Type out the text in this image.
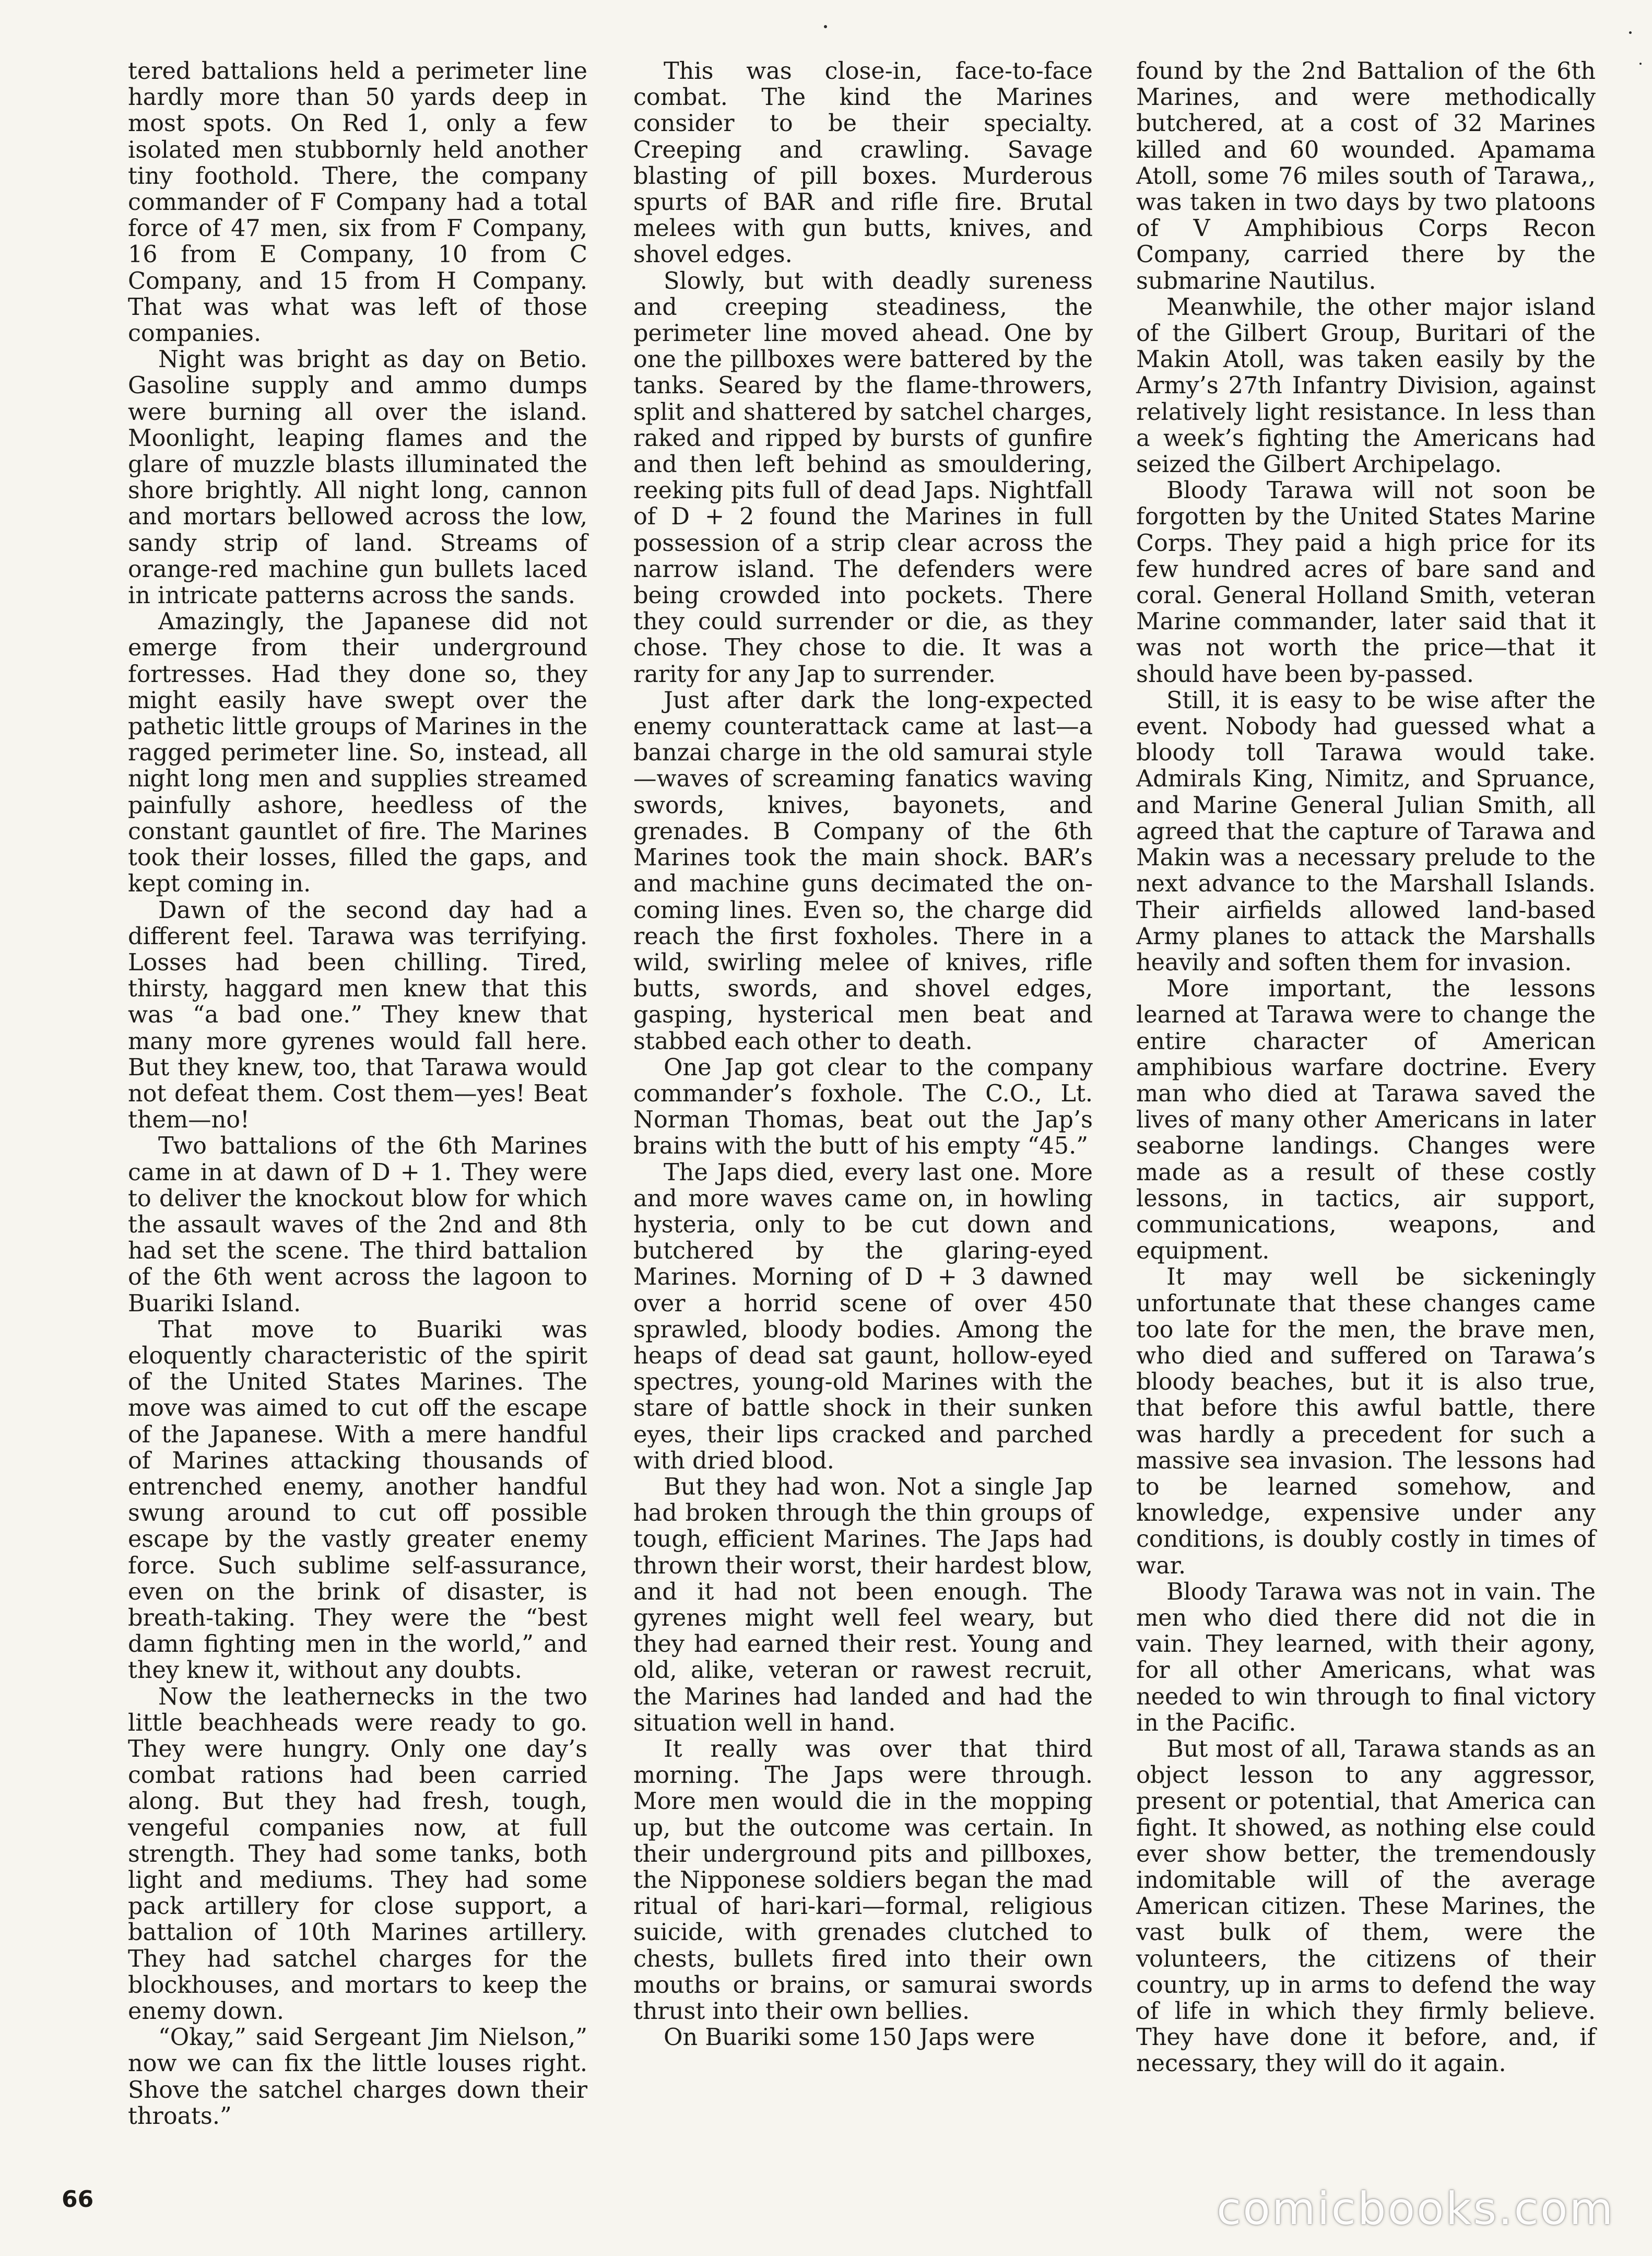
tered battalions held a perimeter line hardly more than 50 yards deep in most spots. On Red 1, only a few isolated men stubbornly held another tiny foothold. There, the company commander of F Company had a total force of 47 men, six from F Company, 16 from E Company, 10 from C Company, and 15 from H Company. That was what was left of those companies.

Night was bright as day on Betio. Gasoline supply and ammo dumps were burning all over the island. Moonlight, leaping flames and the glare of muzzle blasts illuminated the shore brightly. All night long, cannon and mortars bellowed across the low, sandy strip of land. Streams of orange-red machine gun bullets laced in intricate patterns across the sands.

Amazingly, the Japanese did not emerge from their underground fortresses. Had they done so, they might easily have swept over the pathetic little groups of Marines in the ragged perimeter line. So, instead, all night long men and supplies streamed painfully ashore, heedless of the constant gauntlet of fire. The Marines took their losses, filled the gaps, and kept coming in.

Dawn of the second day had a different feel. Tarawa was terrifying. Losses had been chilling. Tired, thirsty, haggard men knew that this was “a bad one.” They knew that many more gyrenes would fall here. But they knew, too, that Tarawa would not defeat them. Cost them—yes! Beat them—no!

Two battalions of the 6th Marines came in at dawn of D + 1. They were to deliver the knockout blow for which the assault waves of the 2nd and 8th had set the scene. The third battalion of the 6th went across the lagoon to Buariki Island.

That move to Buariki was eloquently characteristic of the spirit of the United States Marines. The move was aimed to cut off the escape of the Japanese. With a mere handful of Marines attacking thousands of entrenched enemy, another handful swung around to cut off possible escape by the vastly greater enemy force. Such sublime self-assurance, even on the brink of disaster, is breath-taking. They were the “best damn fighting men in the world,” and they knew it, without any doubts.

Now the leathernecks in the two little beachheads were ready to go. They were hungry. Only one day’s combat rations had been carried along. But they had fresh, tough, vengeful companies now, at full strength. They had some tanks, both light and mediums. They had some pack artillery for close support, a battalion of 10th Marines artillery. They had satchel charges for the blockhouses, and mortars to keep the enemy down.

“Okay,” said Sergeant Jim Nielson,” now we can fix the little louses right. Shove the satchel charges down their throats.”

This was close-in, face-to-face combat. The kind the Marines consider to be their specialty. Creeping and crawling. Savage blasting of pill boxes. Murderous spurts of BAR and rifle fire. Brutal melees with gun butts, knives, and shovel edges.

Slowly, but with deadly sureness and creeping steadiness, the perimeter line moved ahead. One by one the pillboxes were battered by the tanks. Seared by the flame-throwers, split and shattered by satchel charges, raked and ripped by bursts of gunfire and then left behind as smouldering, reeking pits full of dead Japs. Nightfall of D + 2 found the Marines in full possession of a strip clear across the narrow island. The defenders were being crowded into pockets. There they could surrender or die, as they chose. They chose to die. It was a rarity for any Jap to surrender.

Just after dark the long-expected enemy counterattack came at last—a banzai charge in the old samurai style—waves of screaming fanatics waving swords, knives, bayonets, and grenades. B Company of the 6th Marines took the main shock. BAR’s and machine guns decimated the on-coming lines. Even so, the charge did reach the first foxholes. There in a wild, swirling melee of knives, rifle butts, swords, and shovel edges, gasping, hysterical men beat and stabbed each other to death.

One Jap got clear to the company commander’s foxhole. The C.O., Lt. Norman Thomas, beat out the Jap’s brains with the butt of his empty “45.”

The Japs died, every last one. More and more waves came on, in howling hysteria, only to be cut down and butchered by the glaring-eyed Marines. Morning of D + 3 dawned over a horrid scene of over 450 sprawled, bloody bodies. Among the heaps of dead sat gaunt, hollow-eyed spectres, young-old Marines with the stare of battle shock in their sunken eyes, their lips cracked and parched with dried blood.

But they had won. Not a single Jap had broken through the thin groups of tough, efficient Marines. The Japs had thrown their worst, their hardest blow, and it had not been enough. The gyrenes might well feel weary, but they had earned their rest. Young and old, alike, veteran or rawest recruit, the Marines had landed and had the situation well in hand.

It really was over that third morning. The Japs were through. More men would die in the mopping up, but the outcome was certain. In their underground pits and pillboxes, the Nipponese soldiers began the mad ritual of hari-kari—formal, religious suicide, with grenades clutched to chests, bullets fired into their own mouths or brains, or samurai swords thrust into their own bellies.

On Buariki some 150 Japs were

found by the 2nd Battalion of the 6th Marines, and were methodically butchered, at a cost of 32 Marines killed and 60 wounded. Apamama Atoll, some 76 miles south of Tarawa,, was taken in two days by two platoons of V Amphibious Corps Recon Company, carried there by the submarine Nautilus.

Meanwhile, the other major island of the Gilbert Group, Buritari of the Makin Atoll, was taken easily by the Army’s 27th Infantry Division, against relatively light resistance. In less than a week’s fighting the Americans had seized the Gilbert Archipelago.

Bloody Tarawa will not soon be forgotten by the United States Marine Corps. They paid a high price for its few hundred acres of bare sand and coral. General Holland Smith, veteran Marine commander, later said that it was not worth the price—that it should have been by-passed.

Still, it is easy to be wise after the event. Nobody had guessed what a bloody toll Tarawa would take. Admirals King, Nimitz, and Spruance, and Marine General Julian Smith, all agreed that the capture of Tarawa and Makin was a necessary prelude to the next advance to the Marshall Islands. Their airfields allowed land-based Army planes to attack the Marshalls heavily and soften them for invasion.

More important, the lessons learned at Tarawa were to change the entire character of American amphibious warfare doctrine. Every man who died at Tarawa saved the lives of many other Americans in later seaborne landings. Changes were made as a result of these costly lessons, in tactics, air support, communications, weapons, and equipment.

It may well be sickeningly unfortunate that these changes came too late for the men, the brave men, who died and suffered on Tarawa’s bloody beaches, but it is also true, that before this awful battle, there was hardly a precedent for such a massive sea invasion. The lessons had to be learned somehow, and knowledge, expensive under any conditions, is doubly costly in times of war.

Bloody Tarawa was not in vain. The men who died there did not die in vain. They learned, with their agony, for all other Americans, what was needed to win through to final victory in the Pacific.

But most of all, Tarawa stands as an object lesson to any aggressor, present or potential, that America can fight. It showed, as nothing else could ever show better, the tremendously indomitable will of the average American citizen. These Marines, the vast bulk of them, were the volunteers, the citizens of their country, up in arms to defend the way of life in which they firmly believe. They have done it before, and, if necessary, they will do it again.

66	comicbooks.com
